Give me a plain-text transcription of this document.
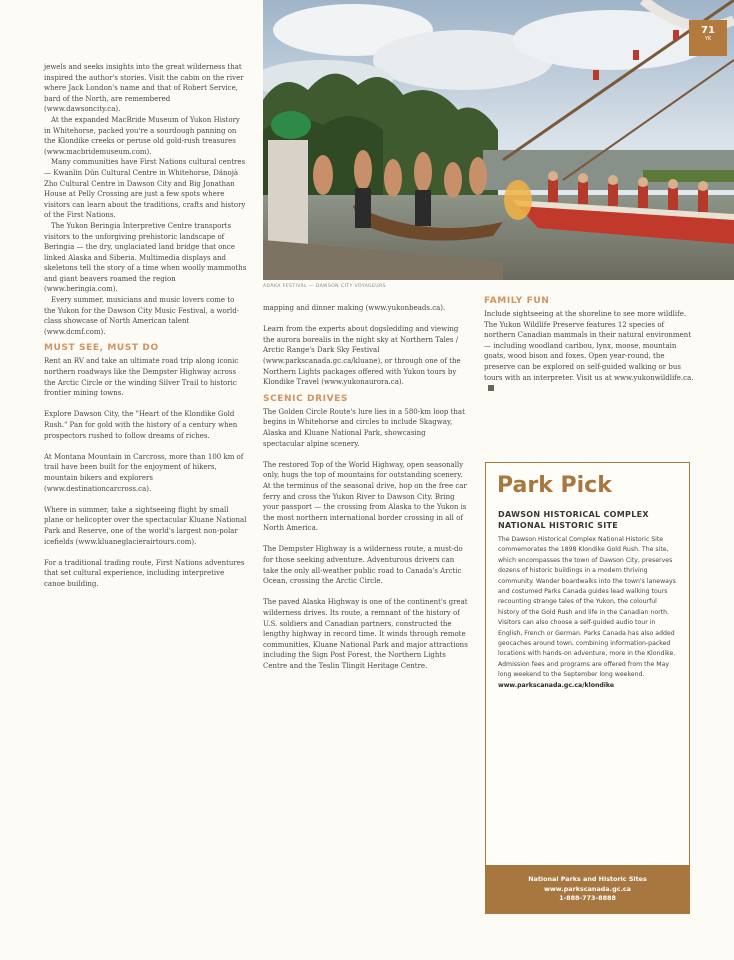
71
YK
ADÄKA FESTIVAL — DAWSON CITY VOYAGEURS

jewels and seeks insights into the great wilderness that inspired the author's stories. Visit the cabin on the river where Jack London's name and that of Robert Service, bard of the North, are remembered (www.dawsoncity.ca).

At the expanded MacBride Museum of Yukon History in Whitehorse, packed you're a sourdough panning on the Klondike creeks or peruse old gold-rush treasures (www.macbridemuseum.com).

Many communities have First Nations cultural centres — Kwanlin Dün Cultural Centre in Whitehorse, Dänojà Zho Cultural Centre in Dawson City and Big Jonathan House at Pelly Crossing are just a few spots where visitors can learn about the traditions, crafts and history of the First Nations.

The Yukon Beringia Interpretive Centre transports visitors to the unforgiving prehistoric landscape of Beringia — the dry, unglaciated land bridge that once linked Alaska and Siberia. Multimedia displays and skeletons tell the story of a time when woolly mammoths and giant beavers roamed the region (www.beringia.com).

Every summer, musicians and music lovers come to the Yukon for the Dawson City Music Festival, a world-class showcase of North American talent (www.dcmf.com).

MUST SEE, MUST DO

Rent an RV and take an ultimate road trip along iconic northern roadways like the Dempster Highway across the Arctic Circle or the winding Silver Trail to historic frontier mining towns.

Explore Dawson City, the "Heart of the Klondike Gold Rush." Pan for gold with the history of a century when prospectors rushed to follow dreams of riches.

At Montana Mountain in Carcross, more than 100 km of trail have been built for the enjoyment of hikers, mountain bikers and explorers (www.destinationcarcross.ca).

Where in summer, take a sightseeing flight by small plane or helicopter over the spectacular Kluane National Park and Reserve, one of the world's largest non-polar icefields (www.kluaneglacierairtours.com).

For a traditional trading route, First Nations adventures that set cultural experience, including interpretive canoe building.

mapping and dinner making (www.yukonbeads.ca).

Learn from the experts about dogsledding and viewing the aurora borealis in the night sky at Northern Tales / Arctic Range's Dark Sky Festival (www.parkscanada.gc.ca/kluane), or through one of the Northern Lights packages offered with Yukon tours by Klondike Travel (www.yukonaurora.ca).

SCENIC DRIVES

The Golden Circle Route's lure lies in a 580-km loop that begins in Whitehorse and circles to include Skagway, Alaska and Kluane National Park, showcasing spectacular alpine scenery.

The restored Top of the World Highway, open seasonally only, hugs the top of mountains for outstanding scenery. At the terminus of the seasonal drive, hop on the free car ferry and cross the Yukon River to Dawson City. Bring your passport — the crossing from Alaska to the Yukon is the most northern international border crossing in all of North America.

The Dempster Highway is a wilderness route, a must-do for those seeking adventure. Adventurous drivers can take the only all-weather public road to Canada's Arctic Ocean, crossing the Arctic Circle.

The paved Alaska Highway is one of the continent's great wilderness drives. Its route, a remnant of the history of U.S. soldiers and Canadian partners, constructed the lengthy highway in record time. It winds through remote communities, Kluane National Park and major attractions including the Sign Post Forest, the Northern Lights Centre and the Teslin Tlingit Heritage Centre.

FAMILY FUN

Include sightseeing at the shoreline to see more wildlife. The Yukon Wildlife Preserve features 12 species of northern Canadian mammals in their natural environment — including woodland caribou, lynx, moose, mountain goats, wood bison and foxes. Open year-round, the preserve can be explored on self-guided walking or bus tours with an interpreter. Visit us at www.yukonwildlife.ca.

Park Pick
DAWSON HISTORICAL COMPLEX NATIONAL HISTORIC SITE
The Dawson Historical Complex National Historic Site commemorates the 1898 Klondike Gold Rush. The site, which encompasses the town of Dawson City, preserves dozens of historic buildings in a modern thriving community. Wander boardwalks into the town's laneways and costumed Parks Canada guides lead walking tours recounting strange tales of the Yukon, the colourful history of the Gold Rush and life in the Canadian north. Visitors can also choose a self-guided audio tour in English, French or German. Parks Canada has also added geocaches around town, combining information-packed locations with hands-on adventure, more in the Klondike. Admission fees and programs are offered from the May long weekend to the September long weekend. www.parkscanada.gc.ca/klondike
National Parks and Historic Sites
www.parkscanada.gc.ca
1-888-773-8888
